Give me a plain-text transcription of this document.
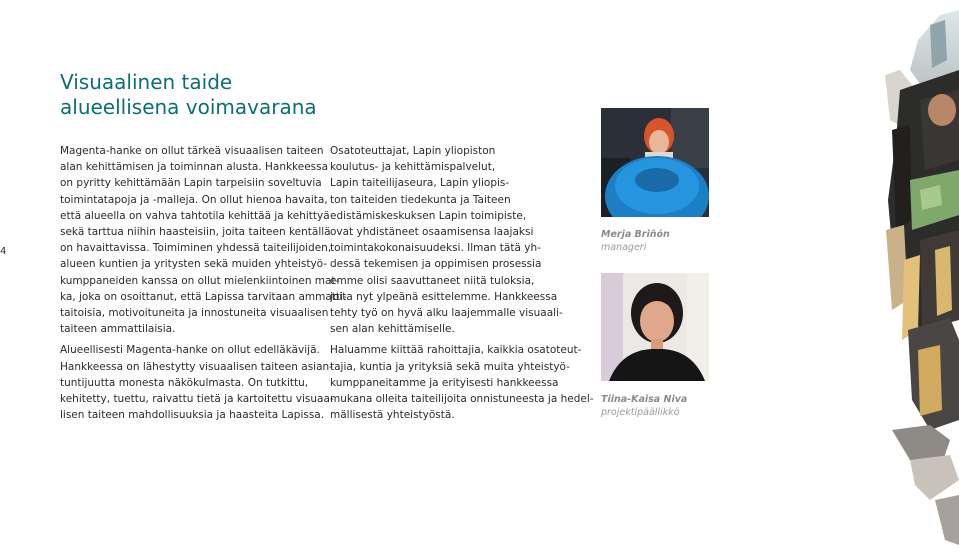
4
Visuaalinen taide
alueellisena voimavarana

Magenta-hanke on ollut tärkeä visuaalisen taiteen
alan kehittämisen ja toiminnan alusta. Hankkeessa
on pyritty kehittämään Lapin tarpeisiin soveltuvia
toimintatapoja ja -malleja. On ollut hienoa havaita,
että alueella on vahva tahtotila kehittää ja kehittyä
sekä tarttua niihin haasteisiin, joita taiteen kentällä
on havaittavissa. Toimiminen yhdessä taiteilijoiden,
alueen kuntien ja yritysten sekä muiden yhteistyö-
kumppaneiden kanssa on ollut mielenkiintoinen mat-
ka, joka on osoittanut, että Lapissa tarvitaan ammatti-
taitoisia, motivoituneita ja innostuneita visuaalisen
taiteen ammattilaisia.

Alueellisesti Magenta-hanke on ollut edelläkävijä.
Hankkeessa on lähestytty visuaalisen taiteen asian-
tuntijuutta monesta näkökulmasta. On tutkittu,
kehitetty, tuettu, raivattu tietä ja kartoitettu visuaa-
lisen taiteen mahdollisuuksia ja haasteita Lapissa.

Osatoteuttajat, Lapin yliopiston
koulutus- ja kehittämispalvelut,
Lapin taiteilijaseura, Lapin yliopis-
ton taiteiden tiedekunta ja Taiteen
edistämiskeskuksen Lapin toimipiste,
ovat yhdistäneet osaamisensa laajaksi
toimintakokonaisuudeksi. Ilman tätä yh-
dessä tekemisen ja oppimisen prosessia
emme olisi saavuttaneet niitä tuloksia,
joita nyt ylpeänä esittelemme. Hankkeessa
tehty työ on hyvä alku laajemmalle visuaali-
sen alan kehittämiselle.

Haluamme kiittää rahoittajia, kaikkia osatoteut-
tajia, kuntia ja yrityksiä sekä muita yhteistyö-
kumppaneitamme ja erityisesti hankkeessa
mukana olleita taiteilijoita onnistuneesta ja hedel-
mällisestä yhteistyöstä.

Merja Briñón
manageri
Tiina-Kaisa Niva
projektipäällikkö
